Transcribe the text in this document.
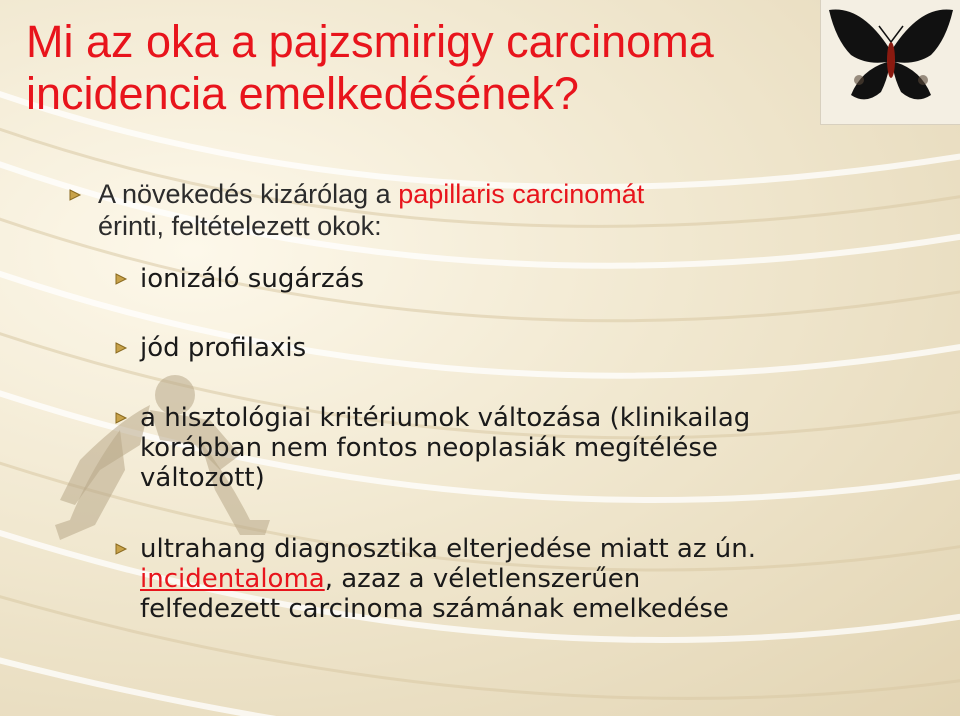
Mi az oka a pajzsmirigy carcinoma
incidencia emelkedésének?
A növekedés kizárólag a papillaris carcinomát
érinti, feltételezett okok:
ionizáló sugárzás
jód profilaxis
a hisztológiai kritériumok változása (klinikailag
korábban nem fontos neoplasiák megítélése
változott)
ultrahang diagnosztika elterjedése miatt az ún.
incidentaloma, azaz a véletlenszerűen
felfedezett carcinoma számának emelkedése
